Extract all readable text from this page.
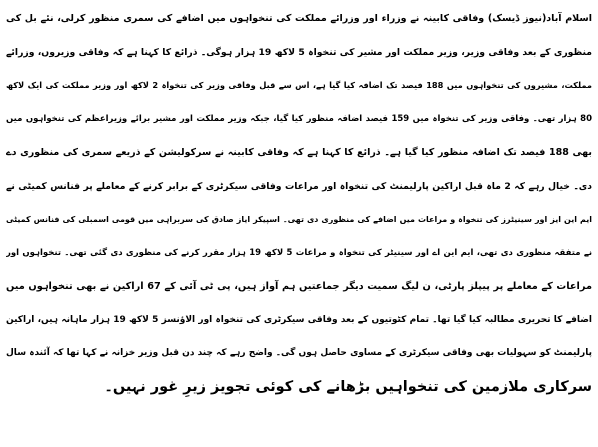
اسلام آباد(نیوز ڈیسک) وفاقی کابینہ نے وزراء اور وزرائے مملکت کی تنخواہوں میں اضافے کی سمری منظور کرلی، نئے بل کی
منظوری کے بعد وفاقی وزیر، وزیر مملکت اور مشیر کی تنخواہ 5 لاکھ 19 ہزار ہوگی۔ ذرائع کا کہنا ہے کہ وفاقی وزیروں، وزرائے
مملکت، مشیروں کی تنخواہوں میں 188 فیصد تک اضافہ کیا گیا ہے، اس سے قبل وفاقی وزیر کی تنخواہ 2 لاکھ اور وزیر مملکت کی ایک لاکھ
80 ہزار تھی۔ وفاقی وزیر کی تنخواہ میں 159 فیصد اضافہ منظور کیا گیا، جبکہ وزیر مملکت اور مشیر برائے وزیراعظم کی تنخواہوں میں
بھی 188 فیصد تک اضافہ منظور کیا گیا ہے۔ ذرائع کا کہنا ہے کہ وفاقی کابینہ نے سرکولیشن کے ذریعے سمری کی منظوری دے
دی۔ خیال رہے کہ 2 ماہ قبل اراکین پارلیمنٹ کی تنخواہ اور مراعات وفاقی سیکرٹری کے برابر کرنے کے معاملے پر فنانس کمیٹی نے
ایم این ایز اور سینیٹرز کی تنخواہ و مراعات میں اضافے کی منظوری دی تھی۔ اسپیکر ایاز صادق کی سربراہی میں قومی اسمبلی کی فنانس کمیٹی
نے متفقہ منظوری دی تھی، ایم این اے اور سینیٹر کی تنخواہ و مراعات 5 لاکھ 19 ہزار مقرر کرنے کی منظوری دی گئی تھی۔ تنخواہوں اور
مراعات کے معاملے پر پیپلز پارٹی، ن لیگ سمیت دیگر جماعتیں ہم آواز ہیں، پی ٹی آئی کے 67 اراکین نے بھی تنخواہوں میں
اضافے کا تحریری مطالبہ کیا گیا تھا۔ تمام کٹوتیوں کے بعد وفاقی سیکرٹری کی تنخواہ اور الاؤنسز 5 لاکھ 19 ہزار ماہانہ ہیں، اراکین
پارلیمنٹ کو سہولیات بھی وفاقی سیکرٹری کے مساوی حاصل ہوں گی۔ واضح رہے کہ چند دن قبل وزیر خزانہ نے کہا تھا کہ آئندہ سال
سرکاری ملازمین کی تنخواہیں بڑھانے کی کوئی تجویز زیرِ غور نہیں۔
